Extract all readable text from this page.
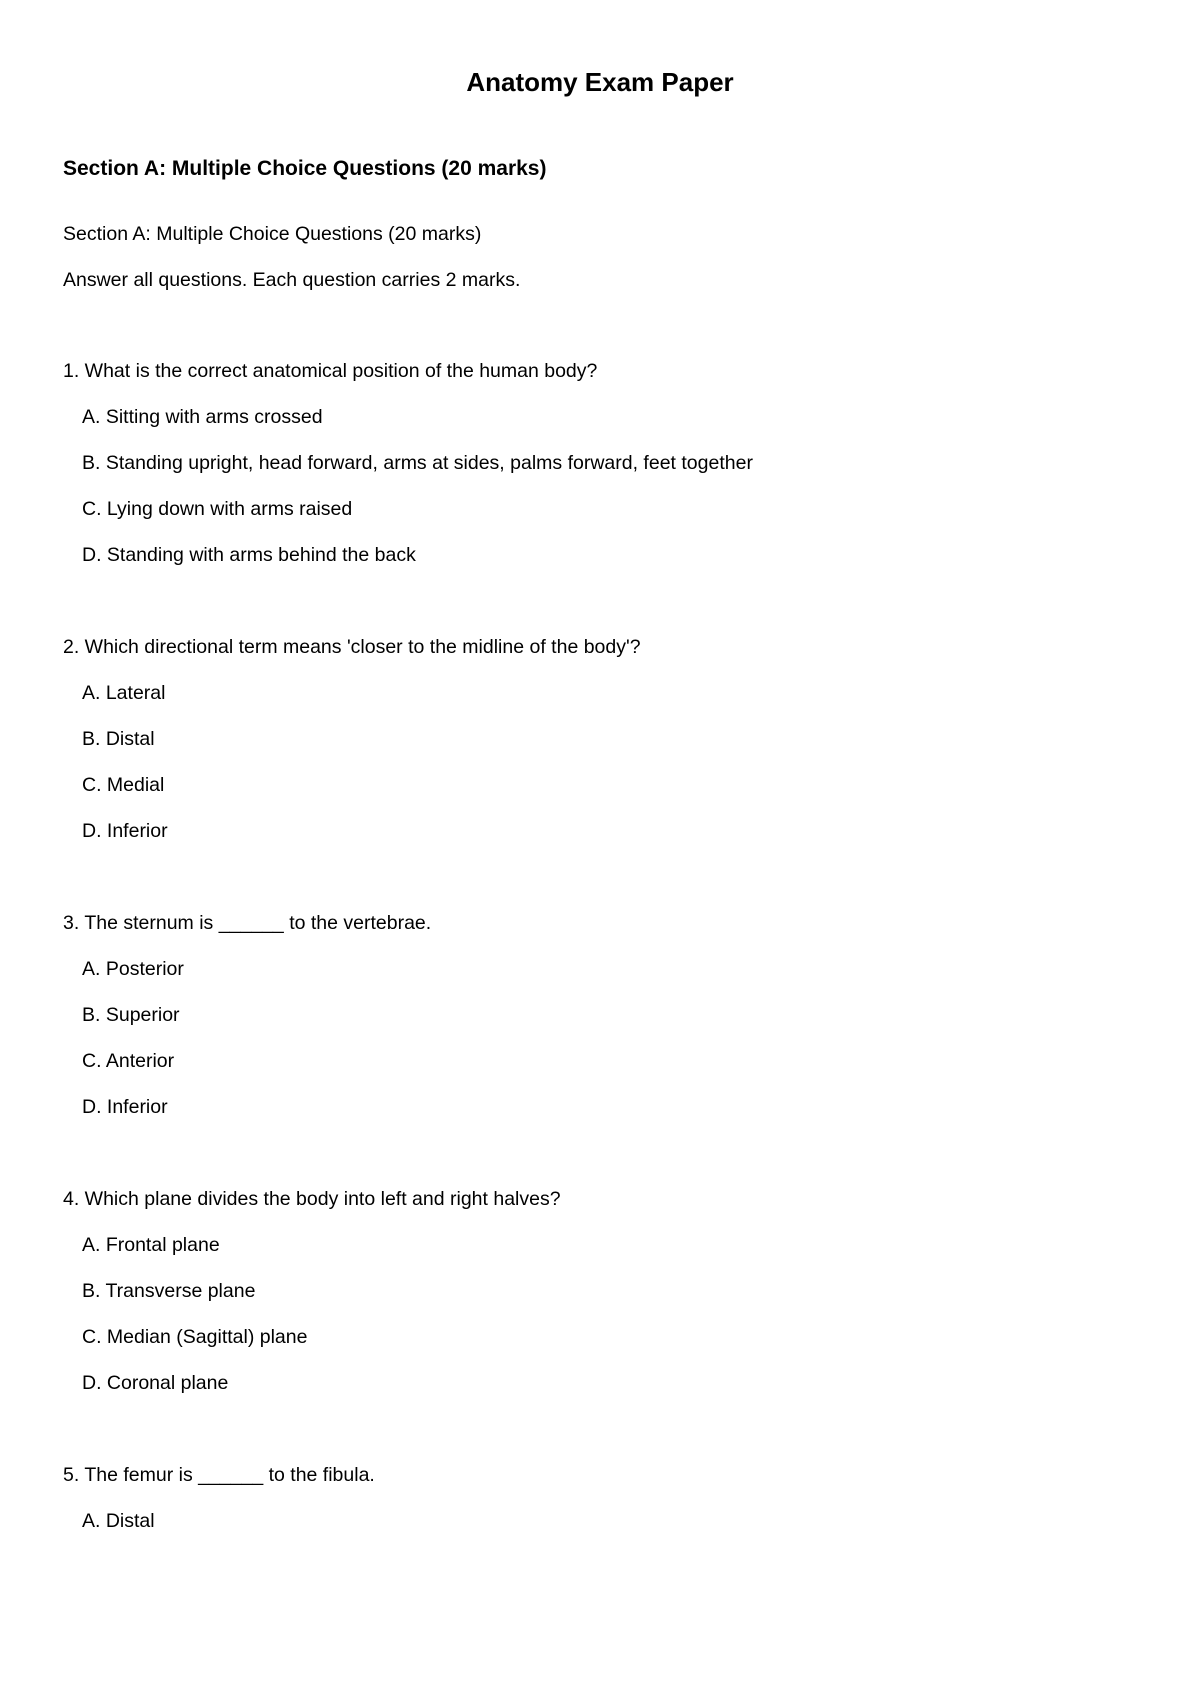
Anatomy Exam Paper
Section A: Multiple Choice Questions (20 marks)
Section A: Multiple Choice Questions (20 marks)
Answer all questions. Each question carries 2 marks.
1. What is the correct anatomical position of the human body?
A. Sitting with arms crossed
B. Standing upright, head forward, arms at sides, palms forward, feet together
C. Lying down with arms raised
D. Standing with arms behind the back
2. Which directional term means 'closer to the midline of the body'?
A. Lateral
B. Distal
C. Medial
D. Inferior
3. The sternum is ______ to the vertebrae.
A. Posterior
B. Superior
C. Anterior
D. Inferior
4. Which plane divides the body into left and right halves?
A. Frontal plane
B. Transverse plane
C. Median (Sagittal) plane
D. Coronal plane
5. The femur is ______ to the fibula.
A. Distal
